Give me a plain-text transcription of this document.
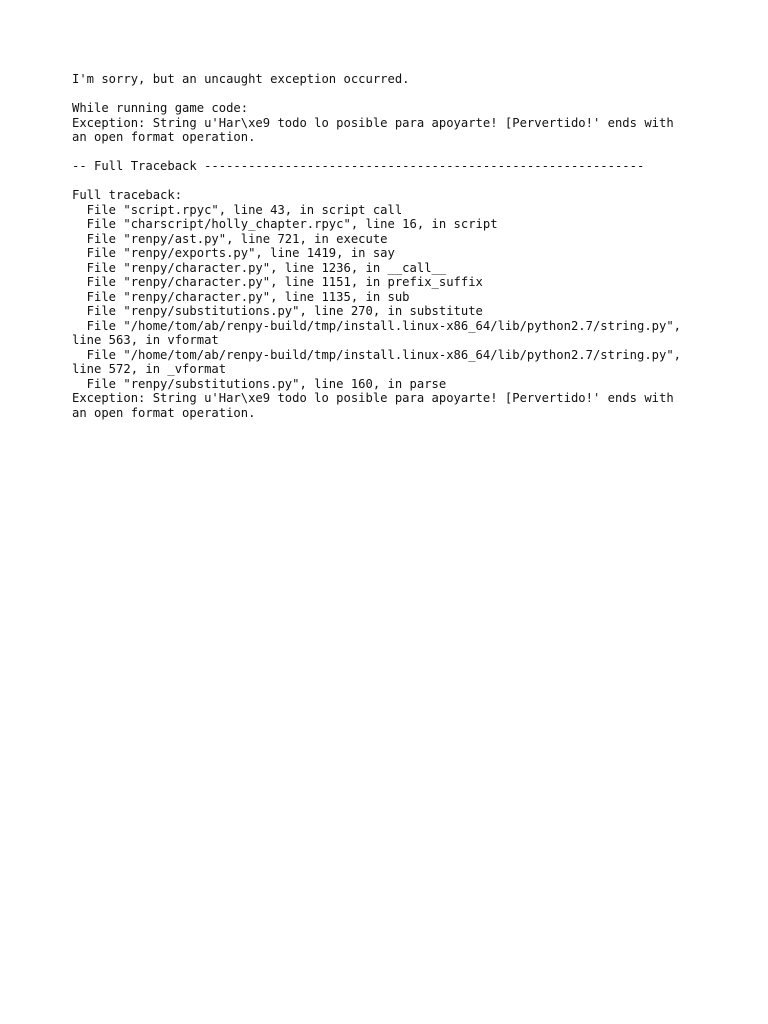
I'm sorry, but an uncaught exception occurred.
While running game code:
Exception: String u'Har\xe9 todo lo posible para apoyarte! [Pervertido!' ends with
an open format operation.
-- Full Traceback ------------------------------------------------------------
Full traceback:
File "script.rpyc", line 43, in script call
File "charscript/holly_chapter.rpyc", line 16, in script
File "renpy/ast.py", line 721, in execute
File "renpy/exports.py", line 1419, in say
File "renpy/character.py", line 1236, in __call__
File "renpy/character.py", line 1151, in prefix_suffix
File "renpy/character.py", line 1135, in sub
File "renpy/substitutions.py", line 270, in substitute
File "/home/tom/ab/renpy-build/tmp/install.linux-x86_64/lib/python2.7/string.py",
line 563, in vformat
File "/home/tom/ab/renpy-build/tmp/install.linux-x86_64/lib/python2.7/string.py",
line 572, in _vformat
File "renpy/substitutions.py", line 160, in parse
Exception: String u'Har\xe9 todo lo posible para apoyarte! [Pervertido!' ends with
an open format operation.
